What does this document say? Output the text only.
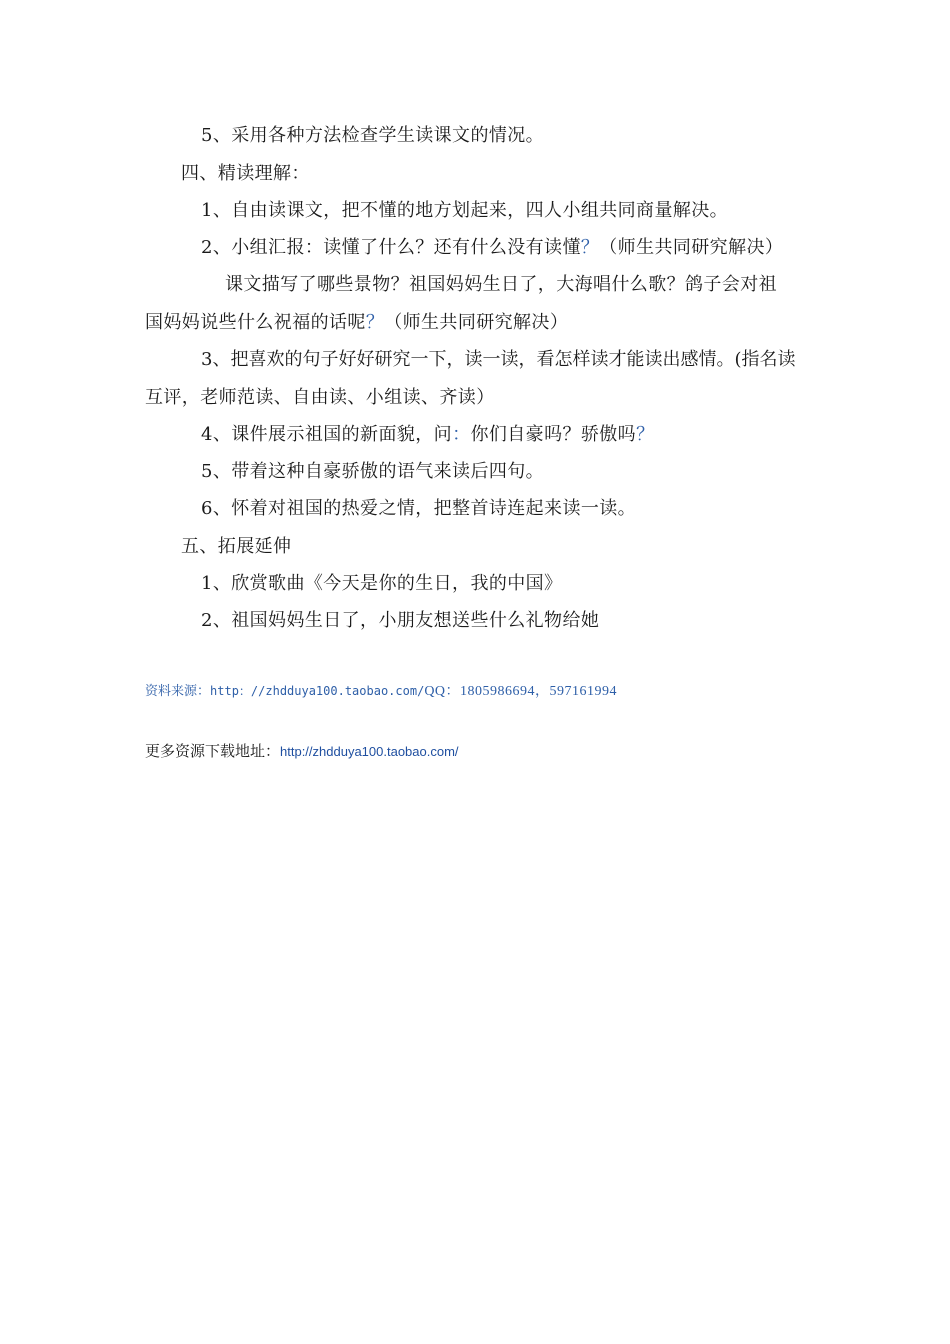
5、采用各种方法检查学生读课文的情况。
四、精读理解：
1、自由读课文，把不懂的地方划起来，四人小组共同商量解决。
2、小组汇报：读懂了什么？还有什么没有读懂？（师生共同研究解决）
课文描写了哪些景物？祖国妈妈生日了，大海唱什么歌？鸽子会对祖
国妈妈说些什么祝福的话呢？（师生共同研究解决）
3、把喜欢的句子好好研究一下，读一读，看怎样读才能读出感情。(指名读
互评，老师范读、自由读、小组读、齐读）
4、课件展示祖国的新面貌，问：你们自豪吗？骄傲吗？
5、带着这种自豪骄傲的语气来读后四句。
6、怀着对祖国的热爱之情，把整首诗连起来读一读。
五、拓展延伸
1、欣赏歌曲《今天是你的生日，我的中国》
2、祖国妈妈生日了，小朋友想送些什么礼物给她
资料来源：http：//zhdduya100.taobao.com/QQ：1805986694，597161994
更多资源下载地址：http://zhdduya100.taobao.com/
